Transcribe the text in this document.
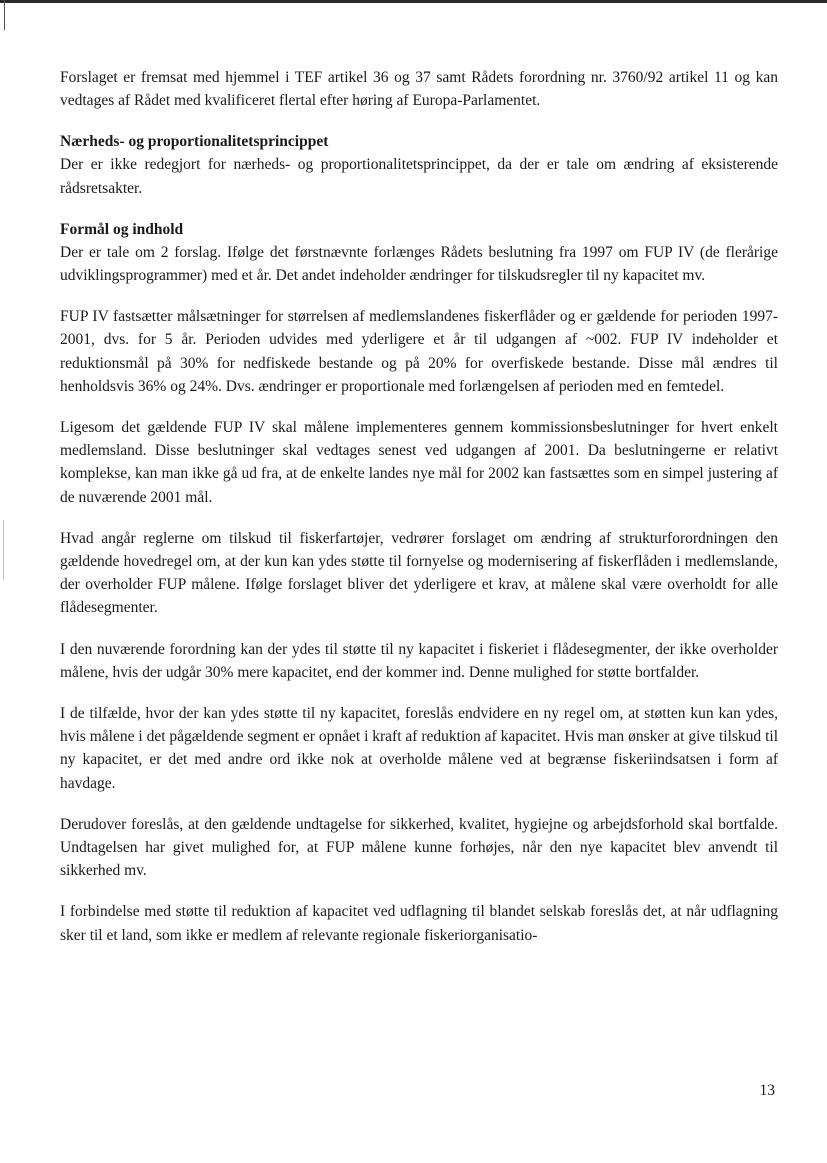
Forslaget er fremsat med hjemmel i TEF artikel 36 og 37 samt Rådets forordning nr. 3760/92 artikel 11 og kan vedtages af Rådet med kvalificeret flertal efter høring af Europa-Parlamentet.

Nærheds- og proportionalitetsprincippet

Der er ikke redegjort for nærheds- og proportionalitetsprincippet, da der er tale om ændring af eksisterende rådsretsakter.

Formål og indhold

Der er tale om 2 forslag. Ifølge det førstnævnte forlænges Rådets beslutning fra 1997 om FUP IV (de flerårige udviklingsprogrammer) med et år. Det andet indeholder ændringer for tilskudsregler til ny kapacitet mv.

FUP IV fastsætter målsætninger for størrelsen af medlemslandenes fiskerflåder og er gældende for perioden 1997-2001, dvs. for 5 år. Perioden udvides med yderligere et år til udgangen af ~002. FUP IV indeholder et reduktionsmål på 30% for nedfiskede bestande og på 20% for overfiskede bestande. Disse mål ændres til henholdsvis 36% og 24%. Dvs. ændringer er proportionale med forlængelsen af perioden med en femtedel.

Ligesom det gældende FUP IV skal målene implementeres gennem kommissionsbeslutninger for hvert enkelt medlemsland. Disse beslutninger skal vedtages senest ved udgangen af 2001. Da beslutningerne er relativt komplekse, kan man ikke gå ud fra, at de enkelte landes nye mål for 2002 kan fastsættes som en simpel justering af de nuværende 2001 mål.

Hvad angår reglerne om tilskud til fiskerfartøjer, vedrører forslaget om ændring af strukturforordningen den gældende hovedregel om, at der kun kan ydes støtte til fornyelse og modernisering af fiskerflåden i medlemslande, der overholder FUP målene. Ifølge forslaget bliver det yderligere et krav, at målene skal være overholdt for alle flådesegmenter.

I den nuværende forordning kan der ydes til støtte til ny kapacitet i fiskeriet i flådesegmenter, der ikke overholder målene, hvis der udgår 30% mere kapacitet, end der kommer ind. Denne mulighed for støtte bortfalder.

I de tilfælde, hvor der kan ydes støtte til ny kapacitet, foreslås endvidere en ny regel om, at støtten kun kan ydes, hvis målene i det pågældende segment er opnået i kraft af reduktion af kapacitet. Hvis man ønsker at give tilskud til ny kapacitet, er det med andre ord ikke nok at overholde målene ved at begrænse fiskeriindsatsen i form af havdage.

Derudover foreslås, at den gældende undtagelse for sikkerhed, kvalitet, hygiejne og arbejdsforhold skal bortfalde. Undtagelsen har givet mulighed for, at FUP målene kunne forhøjes, når den nye kapacitet blev anvendt til sikkerhed mv.

I forbindelse med støtte til reduktion af kapacitet ved udflagning til blandet selskab foreslås det, at når udflagning sker til et land, som ikke er medlem af relevante regionale fiskeriorganisatio-

13
